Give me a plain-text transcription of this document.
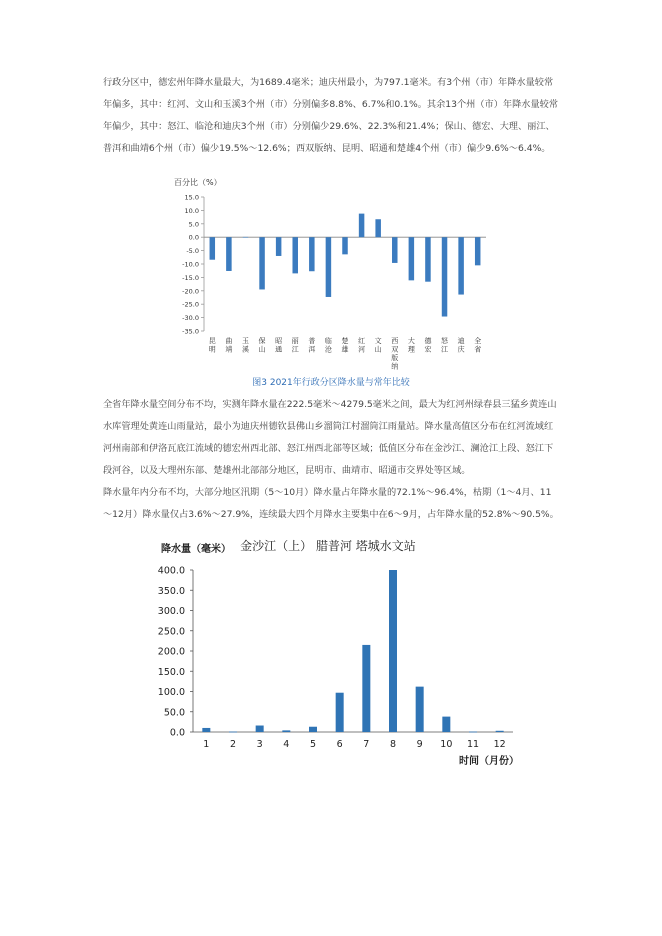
行政分区中，德宏州年降水量最大，为1689.4毫米；迪庆州最小，为797.1毫米。有3个州（市）年降水量较常年偏多，其中：红河、文山和玉溪3个州（市）分别偏多8.8%、6.7%和0.1%。其余13个州（市）年降水量较常年偏少，其中：怒江、临沧和迪庆3个州（市）分别偏少29.6%、22.3%和21.4%；保山、德宏、大理、丽江、普洱和曲靖6个州（市）偏少19.5%～12.6%；西双版纳、昆明、昭通和楚雄4个州（市）偏少9.6%～6.4%。

百分比（%）
15.0
10.0
5.0
0.0
-5.0
-10.0
-15.0
-20.0
-25.0
-30.0
-35.0
昆明
曲靖
玉溪
保山
昭通
丽江
普洱
临沧
楚雄
红河
文山
西双版纳
大理
德宏
怒江
迪庆
全省
图3 2021年行政分区降水量与常年比较

全省年降水量空间分布不均，实测年降水量在222.5毫米～4279.5毫米之间，最大为红河州绿春县三猛乡黄连山水库管理处黄连山雨量站，最小为迪庆州德钦县佛山乡溜筒江村溜筒江雨量站。降水量高值区分布在红河流域红河州南部和伊洛瓦底江流域的德宏州西北部、怒江州西北部等区域；低值区分布在金沙江、澜沧江上段、怒江下段河谷，以及大理州东部、楚雄州北部部分地区，昆明市、曲靖市、昭通市交界处等区域。

降水量年内分布不均，大部分地区汛期（5～10月）降水量占年降水量的72.1%～96.4%，枯期（1～4月、11～12月）降水量仅占3.6%～27.9%，连续最大四个月降水主要集中在6～9月，占年降水量的52.8%～90.5%。

金沙江（上） 腊普河 塔城水文站
降水量（毫米）
时间（月份）
400.0
350.0
300.0
250.0
200.0
150.0
100.0
50.0
0.0
1 2 3 4 5 6 7 8 9 10 11 12
